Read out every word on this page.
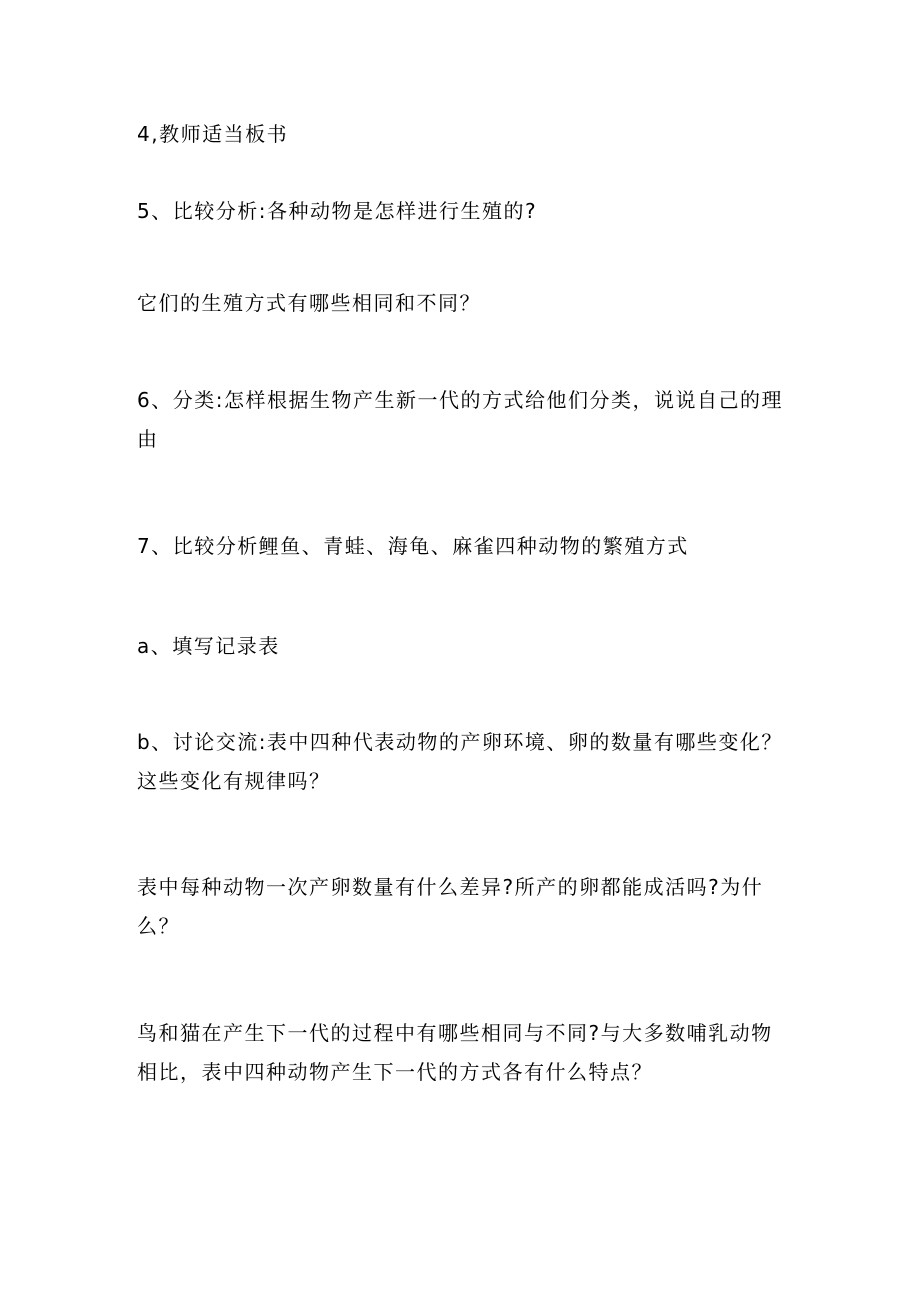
4,教师适当板书

5、比较分析:各种动物是怎样进行生殖的?

它们的生殖方式有哪些相同和不同？

6、分类:怎样根据生物产生新一代的方式给他们分类，说说自己的理
由

7、比较分析鲤鱼、青蛙、海龟、麻雀四种动物的繁殖方式

a、填写记录表

b、讨论交流:表中四种代表动物的产卵环境、卵的数量有哪些变化？
这些变化有规律吗？

表中每种动物一次产卵数量有什么差异?所产的卵都能成活吗?为什
么？

鸟和猫在产生下一代的过程中有哪些相同与不同?与大多数哺乳动物
相比，表中四种动物产生下一代的方式各有什么特点？
